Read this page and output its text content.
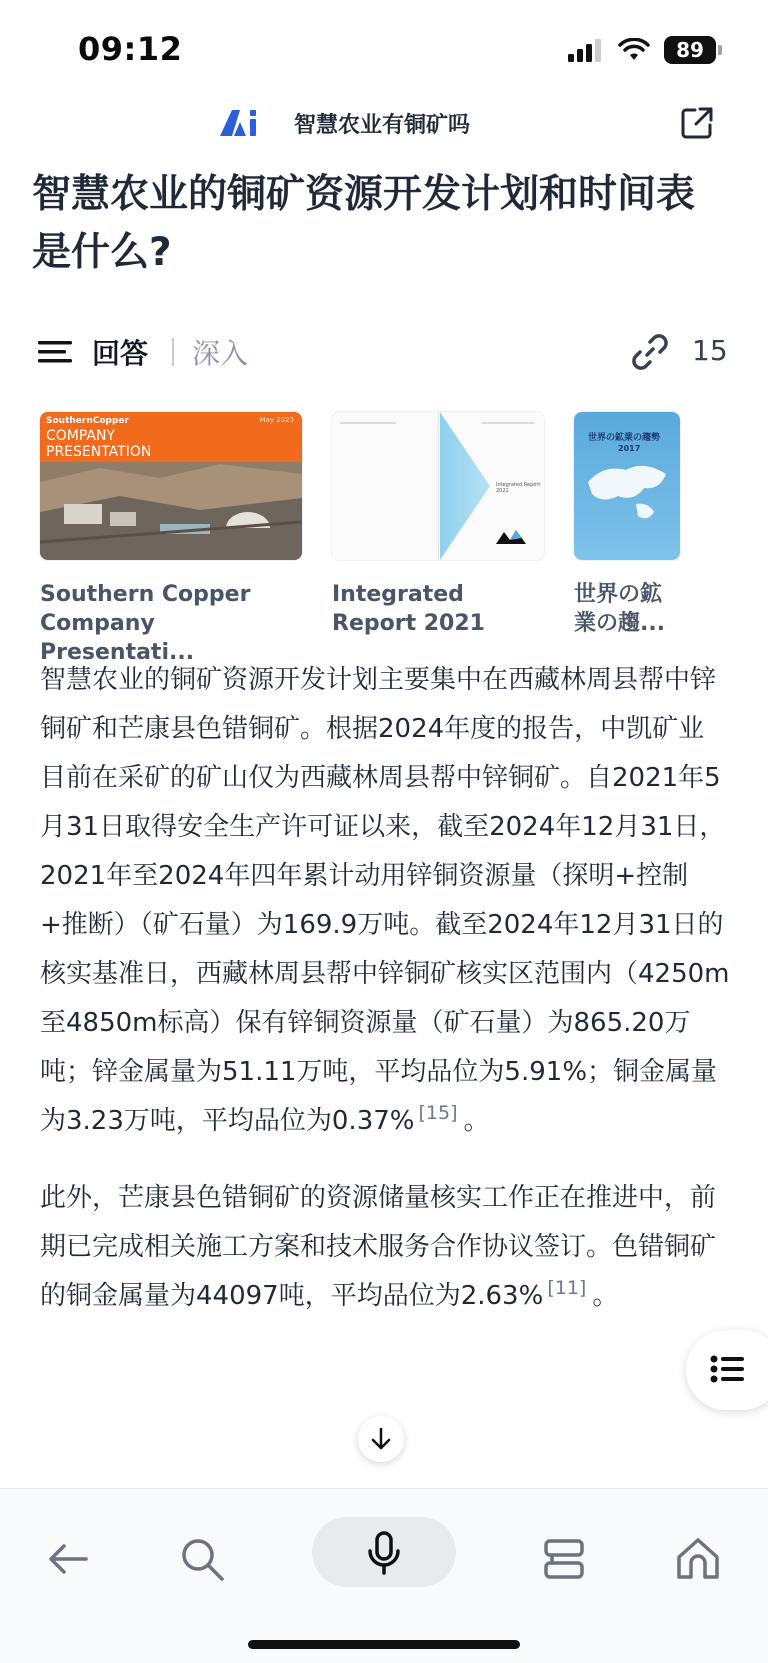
09:12	89
智慧农业有铜矿吗
智慧农业的铜矿资源开发计划和时间表是什么?
回答 深入	15
SouthernCopper	May 2023
COMPANY
PRESENTATION
Southern Copper Company Presentati...
Integrated Report 2021
Integrated Report 2021
世界の鉱業の趨勢
2017
世界の鉱業の趨...

智慧农业的铜矿资源开发计划主要集中在西藏林周县帮中锌铜矿和芒康县色错铜矿。根据2024年度的报告，中凯矿业目前在采矿的矿山仅为西藏林周县帮中锌铜矿。自2021年5月31日取得安全生产许可证以来，截至2024年12月31日，2021年至2024年四年累计动用锌铜资源量（探明+控制+推断）（矿石量）为169.9万吨。截至2024年12月31日的核实基准日，西藏林周县帮中锌铜矿核实区范围内（4250m至4850m标高）保有锌铜资源量（矿石量）为865.20万吨；锌金属量为51.11万吨，平均品位为5.91%；铜金属量为3.23万吨，平均品位为0.37% [15] 。

此外，芒康县色错铜矿的资源储量核实工作正在推进中，前期已完成相关施工方案和技术服务合作协议签订。色错铜矿的铜金属量为44097吨，平均品位为2.63% [11] 。
